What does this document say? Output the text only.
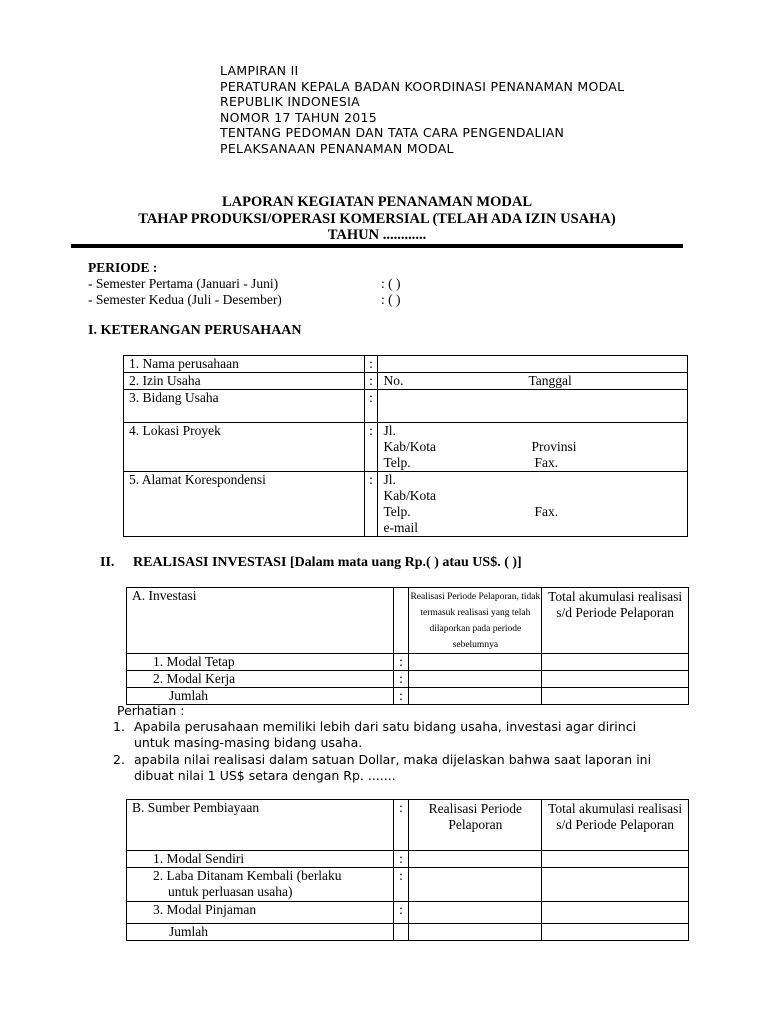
LAMPIRAN II
PERATURAN KEPALA BADAN KOORDINASI PENANAMAN MODAL
REPUBLIK INDONESIA
NOMOR 17 TAHUN 2015
TENTANG PEDOMAN DAN TATA CARA PENGENDALIAN
PELAKSANAAN PENANAMAN MODAL
LAPORAN KEGIATAN PENANAMAN MODAL
TAHAP PRODUKSI/OPERASI KOMERSIAL (TELAH ADA IZIN USAHA)
TAHUN ............
PERIODE :
- Semester Pertama (Januari - Juni)	: ( )
- Semester Kedua (Juli - Desember)	: ( )
I. KETERANGAN PERUSAHAAN
1. Nama perusahaan	:	
2. Izin Usaha	:	No. Tanggal
3. Bidang Usaha	:	
4. Lokasi Proyek	:	Jl.
Kab/Kota Provinsi
Telp. Fax.

5. Alamat Korespondensi	:	Jl.
Kab/Kota
Telp. Fax.
e-mail
II. REALISASI INVESTASI [Dalam mata uang Rp.( ) atau US$. ( )]
A. Investasi		Realisasi Periode Pelaporan, tidak termasuk realisasi yang telah dilaporkan pada periode sebelumnya	Total akumulasi realisasi s/d Periode Pelaporan
1. Modal Tetap	:		
2. Modal Kerja	:		
Jumlah	:		
Perhatian :
1. Apabila perusahaan memiliki lebih dari satu bidang usaha, investasi agar dirinci
untuk masing-masing bidang usaha.
2. apabila nilai realisasi dalam satuan Dollar, maka dijelaskan bahwa saat laporan ini
dibuat nilai 1 US$ setara dengan Rp. .......
B. Sumber Pembiayaan	:	Realisasi Periode Pelaporan	Total akumulasi realisasi s/d Periode Pelaporan
1. Modal Sendiri	:		

2. Laba Ditanam Kembali (berlaku
untuk perluasan usaha)	:		
3. Modal Pinjaman	:		
Jumlah			
